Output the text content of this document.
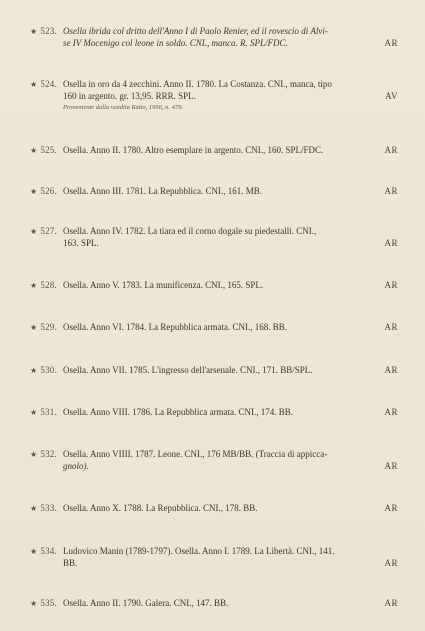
★ 523. Osella ibrida col dritto dell'Anno I di Paolo Renier, ed il rovescio di Alvi-
se IV Mocenigo col leone in soldo. CNI., manca. R. SPL/FDC.	AR
★ 524. Osella in oro da 4 zecchini. Anno II. 1780. La Costanza. CNI., manca, tipo
160 in argento. gr. 13,95. RRR. SPL.
Proveniente dalla vendita Ratto, 1956, n. 479.
AV
★ 525. Osella. Anno II. 1780. Altro esemplare in argento. CNI., 160. SPL/FDC.	AR
★ 526. Osella. Anno III. 1781. La Repubblica. CNI., 161. MB.	AR
★ 527. Osella. Anno IV. 1782. La tiara ed il corno dogale su piedestalli. CNI.,
163. SPL.	AR
★ 528. Osella. Anno V. 1783. La munificenza. CNI., 165. SPL.	AR
★ 529. Osella. Anno VI. 1784. La Repubblica armata. CNI., 168. BB.	AR
★ 530. Osella. Anno VII. 1785. L'ingresso dell'arsenale. CNI., 171. BB/SPL.	AR
★ 531. Osella. Anno VIII. 1786. La Repubblica armata. CNI., 174. BB.	AR
★ 532. Osella. Anno VIIII. 1787. Leone. CNI., 176 MB/BB. (Traccia di appicca-
gnolo).	AR
★ 533. Osella. Anno X. 1788. La Repubblica. CNI., 178. BB.	AR
★ 534. Ludovico Manin (1789-1797). Osella. Anno I. 1789. La Libertà. CNI., 141.
BB.	AR
★ 535. Osella. Anno II. 1790. Galera. CNI., 147. BB.	AR
